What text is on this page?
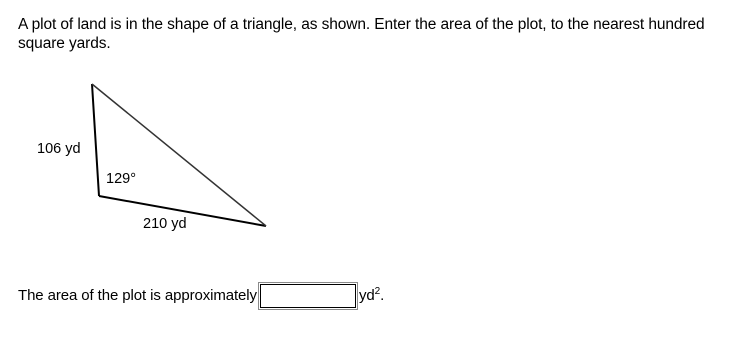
A plot of land is in the shape of a triangle, as shown. Enter the area of the plot, to the nearest hundred square yards.
106 yd
129°
210 yd
The area of the plot is approximately	$yd^2$.
